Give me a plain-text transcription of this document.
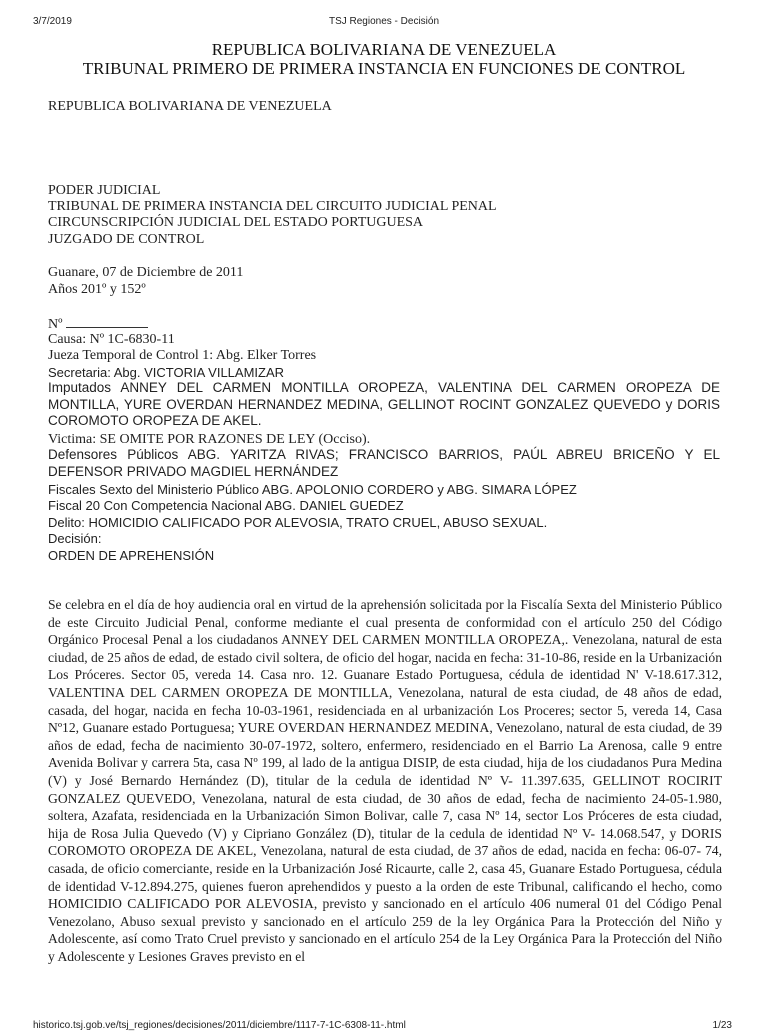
3/7/2019	TSJ Regiones - Decisión
REPUBLICA BOLIVARIANA DE VENEZUELA
TRIBUNAL PRIMERO DE PRIMERA INSTANCIA EN FUNCIONES DE CONTROL
REPUBLICA BOLIVARIANA DE VENEZUELA
PODER JUDICIAL
TRIBUNAL DE PRIMERA INSTANCIA DEL CIRCUITO JUDICIAL PENAL
CIRCUNSCRIPCIÓN JUDICIAL DEL ESTADO PORTUGUESA
JUZGADO DE CONTROL
Guanare, 07 de Diciembre de 2011
Años 201º y 152º
Nº
Causa: Nº 1C-6830-11
Jueza Temporal de Control 1: Abg. Elker Torres
Secretaria: Abg. VICTORIA VILLAMIZAR
Imputados ANNEY DEL CARMEN MONTILLA OROPEZA, VALENTINA DEL CARMEN OROPEZA DE MONTILLA, YURE OVERDAN HERNANDEZ MEDINA, GELLINOT ROCINT GONZALEZ QUEVEDO y DORIS COROMOTO OROPEZA DE AKEL.
Victima: SE OMITE POR RAZONES DE LEY (Occiso).
Defensores Públicos ABG. YARITZA RIVAS; FRANCISCO BARRIOS, PAÚL ABREU BRICEÑO Y EL DEFENSOR PRIVADO MAGDIEL HERNÁNDEZ
Fiscales Sexto del Ministerio Público ABG. APOLONIO CORDERO y ABG. SIMARA LÓPEZ
Fiscal 20 Con Competencia Nacional ABG. DANIEL GUEDEZ
Delito: HOMICIDIO CALIFICADO POR ALEVOSIA, TRATO CRUEL, ABUSO SEXUAL.
Decisión:
ORDEN DE APREHENSIÓN
Se celebra en el día de hoy audiencia oral en virtud de la aprehensión solicitada por la Fiscalía Sexta del Ministerio Público de este Circuito Judicial Penal, conforme mediante el cual presenta de conformidad con el artículo 250 del Código Orgánico Procesal Penal a los ciudadanos ANNEY DEL CARMEN MONTILLA OROPEZA,. Venezolana, natural de esta ciudad, de 25 años de edad, de estado civil soltera, de oficio del hogar, nacida en fecha: 31-10-86, reside en la Urbanización Los Próceres. Sector 05, vereda 14. Casa nro. 12. Guanare Estado Portuguesa, cédula de identidad N' V-18.617.312, VALENTINA DEL CARMEN OROPEZA DE MONTILLA, Venezolana, natural de esta ciudad, de 48 años de edad, casada, del hogar, nacida en fecha 10-03-1961, residenciada en al urbanización Los Proceres; sector 5, vereda 14, Casa Nº12, Guanare estado Portuguesa; YURE OVERDAN HERNANDEZ MEDINA, Venezolano, natural de esta ciudad, de 39 años de edad, fecha de nacimiento 30-07-1972, soltero, enfermero, residenciado en el Barrio La Arenosa, calle 9 entre Avenida Bolivar y carrera 5ta, casa Nº 199, al lado de la antigua DISIP, de esta ciudad, hija de los ciudadanos Pura Medina (V) y José Bernardo Hernández (D), titular de la cedula de identidad Nº V- 11.397.635, GELLINOT ROCIRIT GONZALEZ QUEVEDO, Venezolana, natural de esta ciudad, de 30 años de edad, fecha de nacimiento 24-05-1.980, soltera, Azafata, residenciada en la Urbanización Simon Bolivar, calle 7, casa Nº 14, sector Los Próceres de esta ciudad, hija de Rosa Julia Quevedo (V) y Cipriano González (D), titular de la cedula de identidad Nº V- 14.068.547, y DORIS COROMOTO OROPEZA DE AKEL, Venezolana, natural de esta ciudad, de 37 años de edad, nacida en fecha: 06-07- 74, casada, de oficio comerciante, reside en la Urbanización José Ricaurte, calle 2, casa 45, Guanare Estado Portuguesa, cédula de identidad V-12.894.275, quienes fueron aprehendidos y puesto a la orden de este Tribunal, calificando el hecho, como HOMICIDIO CALIFICADO POR ALEVOSIA, previsto y sancionado en el artículo 406 numeral 01 del Código Penal Venezolano, Abuso sexual previsto y sancionado en el artículo 259 de la ley Orgánica Para la Protección del Niño y Adolescente, así como Trato Cruel previsto y sancionado en el artículo 254 de la Ley Orgánica Para la Protección del Niño y Adolescente y Lesiones Graves previsto en el
historico.tsj.gob.ve/tsj_regiones/decisiones/2011/diciembre/1117-7-1C-6308-11-.html	1/23
